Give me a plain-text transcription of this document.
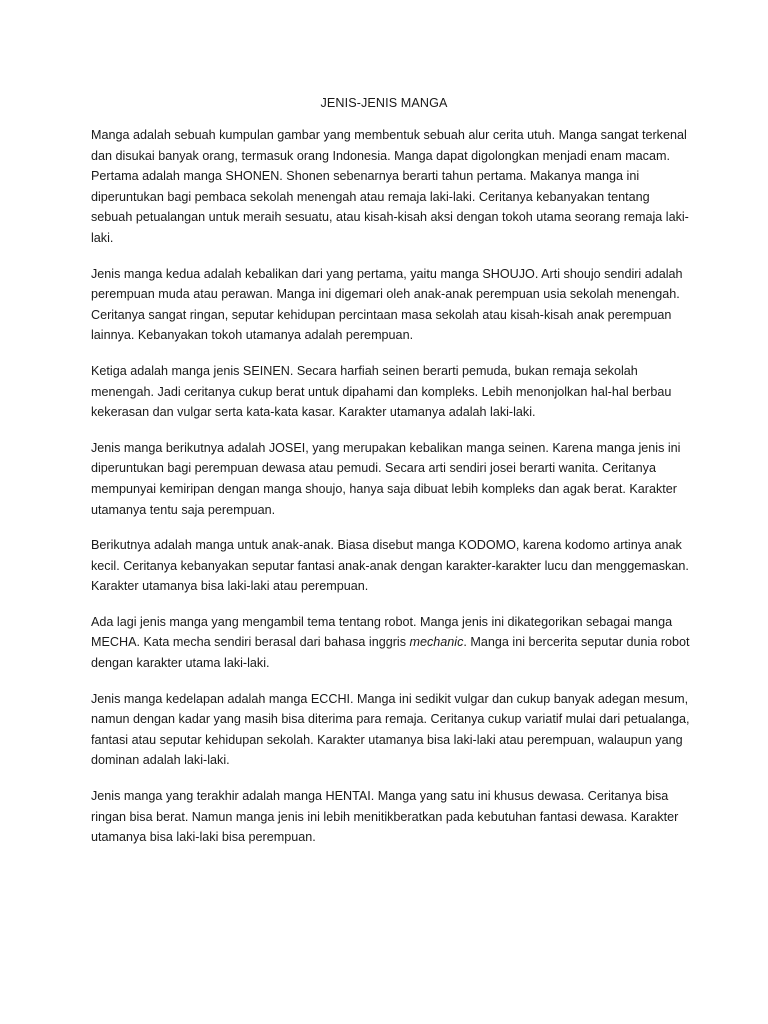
JENIS-JENIS MANGA

Manga adalah sebuah kumpulan gambar yang membentuk sebuah alur cerita utuh. Manga sangat terkenal dan disukai banyak orang, termasuk orang Indonesia. Manga dapat digolongkan menjadi enam macam. Pertama adalah manga SHONEN. Shonen sebenarnya berarti tahun pertama. Makanya manga ini diperuntukan bagi pembaca sekolah menengah atau remaja laki-laki. Ceritanya kebanyakan tentang sebuah petualangan untuk meraih sesuatu, atau kisah-kisah aksi dengan tokoh utama seorang remaja laki-laki.

Jenis manga kedua adalah kebalikan dari yang pertama, yaitu manga SHOUJO. Arti shoujo sendiri adalah perempuan muda atau perawan. Manga ini digemari oleh anak-anak perempuan usia sekolah menengah. Ceritanya sangat ringan, seputar kehidupan percintaan masa sekolah atau kisah-kisah anak perempuan lainnya. Kebanyakan tokoh utamanya adalah perempuan.

Ketiga adalah manga jenis SEINEN. Secara harfiah seinen berarti pemuda, bukan remaja sekolah menengah. Jadi ceritanya cukup berat untuk dipahami dan kompleks. Lebih menonjolkan hal-hal berbau kekerasan dan vulgar serta kata-kata kasar. Karakter utamanya adalah laki-laki.

Jenis manga berikutnya adalah JOSEI, yang merupakan kebalikan manga seinen. Karena manga jenis ini diperuntukan bagi perempuan dewasa atau pemudi. Secara arti sendiri josei berarti wanita. Ceritanya mempunyai kemiripan dengan manga shoujo, hanya saja dibuat lebih kompleks dan agak berat. Karakter utamanya tentu saja perempuan.

Berikutnya adalah manga untuk anak-anak. Biasa disebut manga KODOMO, karena kodomo artinya anak kecil. Ceritanya kebanyakan seputar fantasi anak-anak dengan karakter-karakter lucu dan menggemaskan. Karakter utamanya bisa laki-laki atau perempuan.

Ada lagi jenis manga yang mengambil tema tentang robot. Manga jenis ini dikategorikan sebagai manga MECHA. Kata mecha sendiri berasal dari bahasa inggris mechanic. Manga ini bercerita seputar dunia robot dengan karakter utama laki-laki.

Jenis manga kedelapan adalah manga ECCHI. Manga ini sedikit vulgar dan cukup banyak adegan mesum, namun dengan kadar yang masih bisa diterima para remaja. Ceritanya cukup variatif mulai dari petualanga, fantasi atau seputar kehidupan sekolah. Karakter utamanya bisa laki-laki atau perempuan, walaupun yang dominan adalah laki-laki.

Jenis manga yang terakhir adalah manga HENTAI. Manga yang satu ini khusus dewasa. Ceritanya bisa ringan bisa berat. Namun manga jenis ini lebih menitikberatkan pada kebutuhan fantasi dewasa. Karakter utamanya bisa laki-laki bisa perempuan.
